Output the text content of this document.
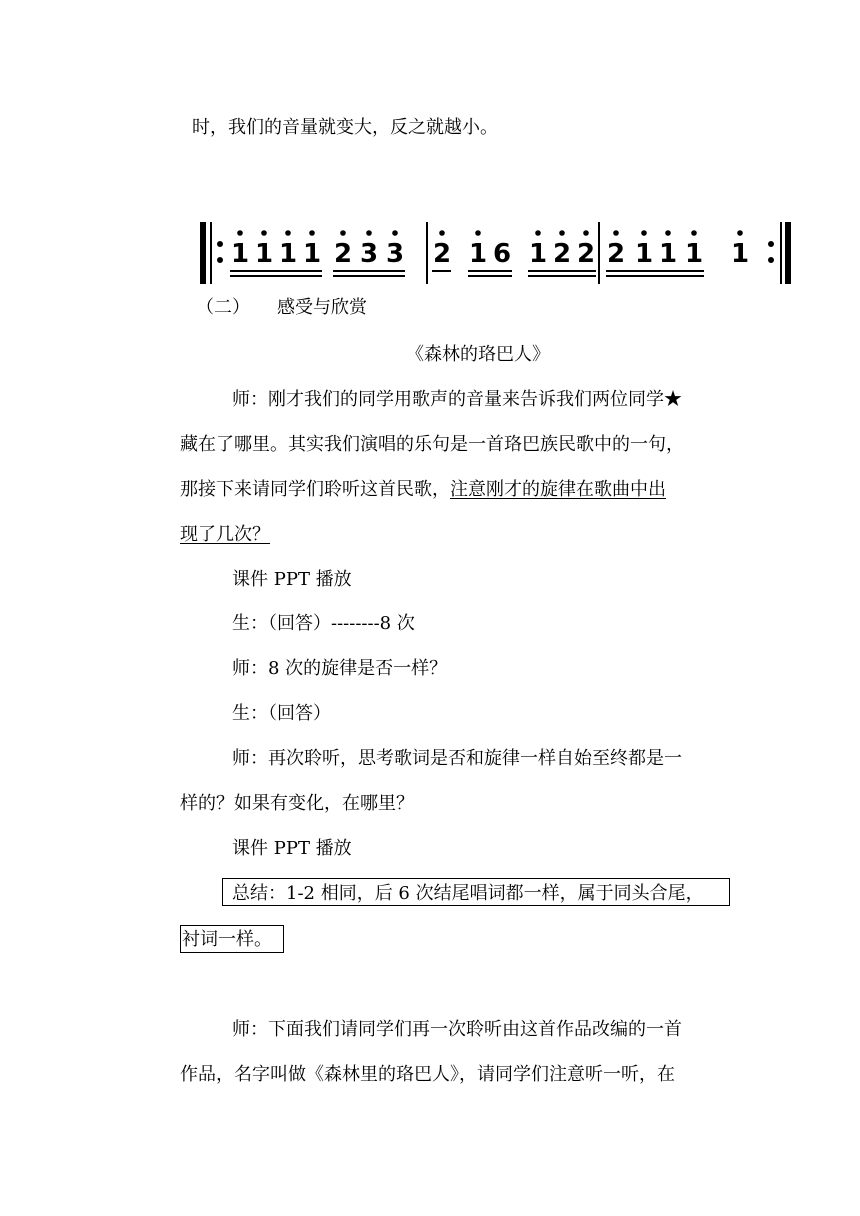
时，我们的音量就变大，反之就越小。
1 1 1 1 2 3 3 2 1 6 1 2 2 2 1 1 1 1
（二）　　感受与欣赏
《森林的珞巴人》
师：刚才我们的同学用歌声的音量来告诉我们两位同学★
藏在了哪里。其实我们演唱的乐句是一首珞巴族民歌中的一句，
那接下来请同学们聆听这首民歌，注意刚才的旋律在歌曲中出
现了几次？
课件 PPT 播放
生：（回答）--------8 次
师：8 次的旋律是否一样？
生：（回答）
师：再次聆听，思考歌词是否和旋律一样自始至终都是一
样的？如果有变化，在哪里？
课件 PPT 播放
总结：1-2 相同，后 6 次结尾唱词都一样，属于同头合尾，
衬词一样。
师：下面我们请同学们再一次聆听由这首作品改编的一首
作品，名字叫做《森林里的珞巴人》，请同学们注意听一听，在
